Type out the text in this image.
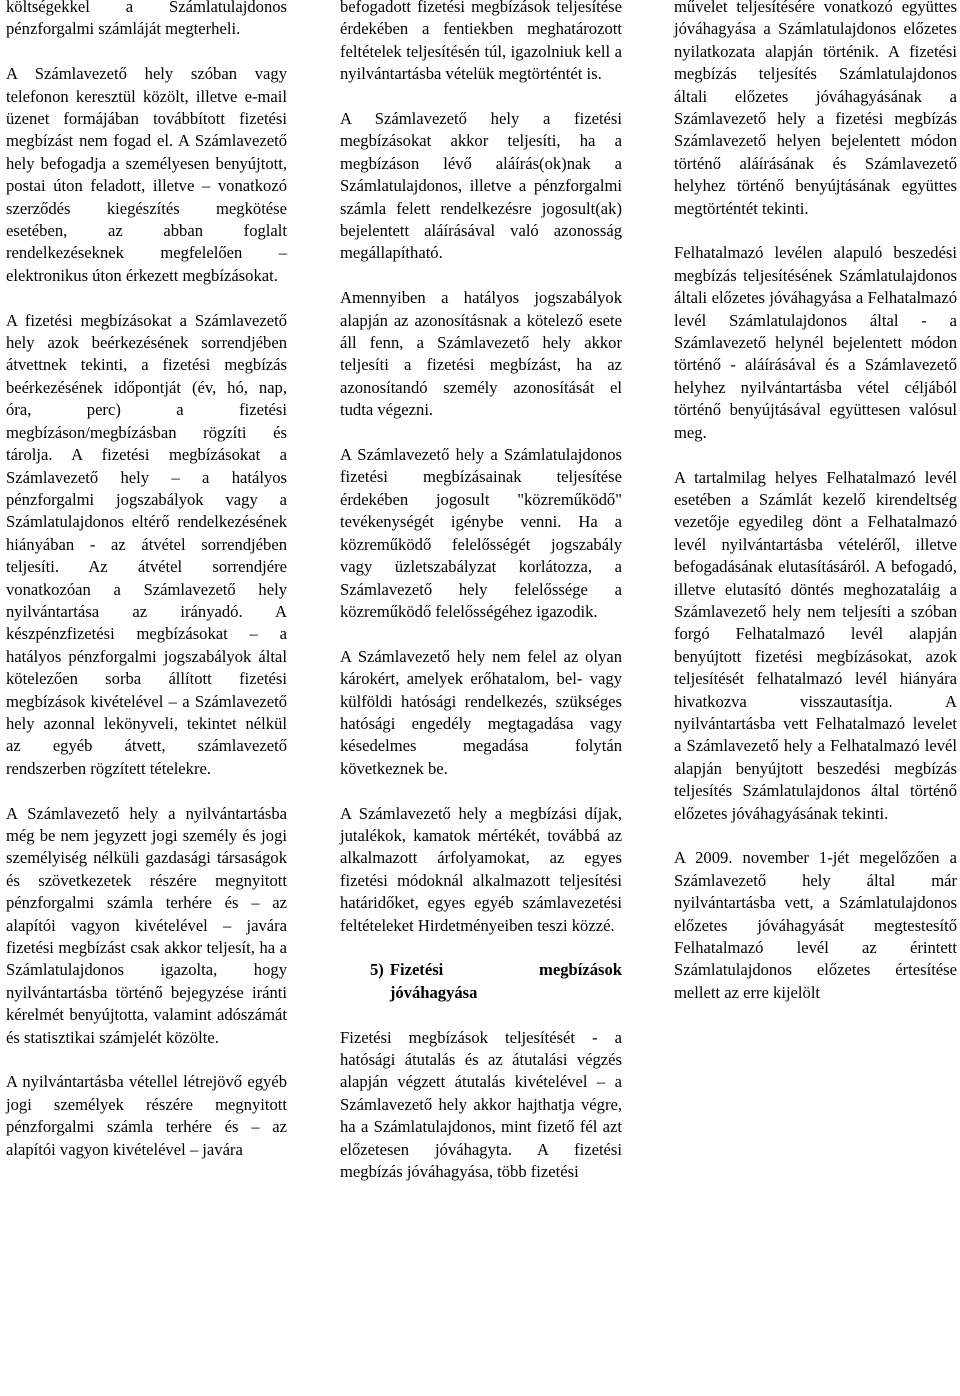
költségekkel a Számlatulajdonos pénzforgalmi számláját megterheli.

A Számlavezető hely szóban vagy telefonon keresztül közölt, illetve e-mail üzenet formájában továbbított fizetési megbízást nem fogad el. A Számlavezető hely befogadja a személyesen benyújtott, postai úton feladott, illetve – vonatkozó szerződés kiegészítés megkötése esetében, az abban foglalt rendelkezéseknek megfelelően – elektronikus úton érkezett megbízásokat.

A fizetési megbízásokat a Számlavezető hely azok beérkezésének sorrendjében átvettnek tekinti, a fizetési megbízás beérkezésének időpontját (év, hó, nap, óra, perc) a fizetési megbízáson/megbízásban rögzíti és tárolja. A fizetési megbízásokat a Számlavezető hely – a hatályos pénzforgalmi jogszabályok vagy a Számlatulajdonos eltérő rendelkezésének hiányában - az átvétel sorrendjében teljesíti. Az átvétel sorrendjére vonatkozóan a Számlavezető hely nyilvántartása az irányadó. A készpénzfizetési megbízásokat – a hatályos pénzforgalmi jogszabályok által kötelezően sorba állított fizetési megbízások kivételével – a Számlavezető hely azonnal lekönyveli, tekintet nélkül az egyéb átvett, számlavezető rendszerben rögzített tételekre.

A Számlavezető hely a nyilvántartásba még be nem jegyzett jogi személy és jogi személyiség nélküli gazdasági társaságok és szövetkezetek részére megnyitott pénzforgalmi számla terhére és – az alapítói vagyon kivételével – javára fizetési megbízást csak akkor teljesít, ha a Számlatulajdonos igazolta, hogy nyilvántartásba történő bejegyzése iránti kérelmét benyújtotta, valamint adószámát és statisztikai számjelét közölte.

A nyilvántartásba vétellel létrejövő egyéb jogi személyek részére megnyitott pénzforgalmi számla terhére és – az alapítói vagyon kivételével – javára

befogadott fizetési megbízások teljesítése érdekében a fentiekben meghatározott feltételek teljesítésén túl, igazolniuk kell a nyilvántartásba vételük megtörténtét is.

A Számlavezető hely a fizetési megbízásokat akkor teljesíti, ha a megbízáson lévő aláírás(ok)nak a Számlatulajdonos, illetve a pénzforgalmi számla felett rendelkezésre jogosult(ak) bejelentett aláírásával való azonosság megállapítható.

Amennyiben a hatályos jogszabályok alapján az azonosításnak a kötelező esete áll fenn, a Számlavezető hely akkor teljesíti a fizetési megbízást, ha az azonosítandó személy azonosítását el tudta végezni.

A Számlavezető hely a Számlatulajdonos fizetési megbízásainak teljesítése érdekében jogosult "közreműködő" tevékenységét igénybe venni. Ha a közreműködő felelősségét jogszabály vagy üzletszabályzat korlátozza, a Számlavezető hely felelőssége a közreműködő felelősségéhez igazodik.

A Számlavezető hely nem felel az olyan károkért, amelyek erőhatalom, bel- vagy külföldi hatósági rendelkezés, szükséges hatósági engedély megtagadása vagy késedelmes megadása folytán következnek be.

A Számlavezető hely a megbízási díjak, jutalékok, kamatok mértékét, továbbá az alkalmazott árfolyamokat, az egyes fizetési módoknál alkalmazott teljesítési határidőket, egyes egyéb számlavezetési feltételeket Hirdetményeiben teszi közzé.

5) Fizetési megbízások jóváhagyása

Fizetési megbízások teljesítését - a hatósági átutalás és az átutalási végzés alapján végzett átutalás kivételével – a Számlavezető hely akkor hajthatja végre, ha a Számlatulajdonos, mint fizető fél azt előzetesen jóváhagyta. A fizetési megbízás jóváhagyása, több fizetési

művelet teljesítésére vonatkozó együttes jóváhagyása a Számlatulajdonos előzetes nyilatkozata alapján történik. A fizetési megbízás teljesítés Számlatulajdonos általi előzetes jóváhagyásának a Számlavezető hely a fizetési megbízás Számlavezető helyen bejelentett módon történő aláírásának és Számlavezető helyhez történő benyújtásának együttes megtörténtét tekinti.

Felhatalmazó levélen alapuló beszedési megbízás teljesítésének Számlatulajdonos általi előzetes jóváhagyása a Felhatalmazó levél Számlatulajdonos által - a Számlavezető helynél bejelentett módon történő - aláírásával és a Számlavezető helyhez nyilvántartásba vétel céljából történő benyújtásával együttesen valósul meg.

A tartalmilag helyes Felhatalmazó levél esetében a Számlát kezelő kirendeltség vezetője egyedileg dönt a Felhatalmazó levél nyilvántartásba vételéről, illetve befogadásának elutasításáról. A befogadó, illetve elutasító döntés meghozataláig a Számlavezető hely nem teljesíti a szóban forgó Felhatalmazó levél alapján benyújtott fizetési megbízásokat, azok teljesítését felhatalmazó levél hiányára hivatkozva visszautasítja. A nyilvántartásba vett Felhatalmazó levelet a Számlavezető hely a Felhatalmazó levél alapján benyújtott beszedési megbízás teljesítés Számlatulajdonos által történő előzetes jóváhagyásának tekinti.

A 2009. november 1-jét megelőzően a Számlavezető hely által már nyilvántartásba vett, a Számlatulajdonos előzetes jóváhagyását megtestesítő Felhatalmazó levél az érintett Számlatulajdonos előzetes értesítése mellett az erre kijelölt
